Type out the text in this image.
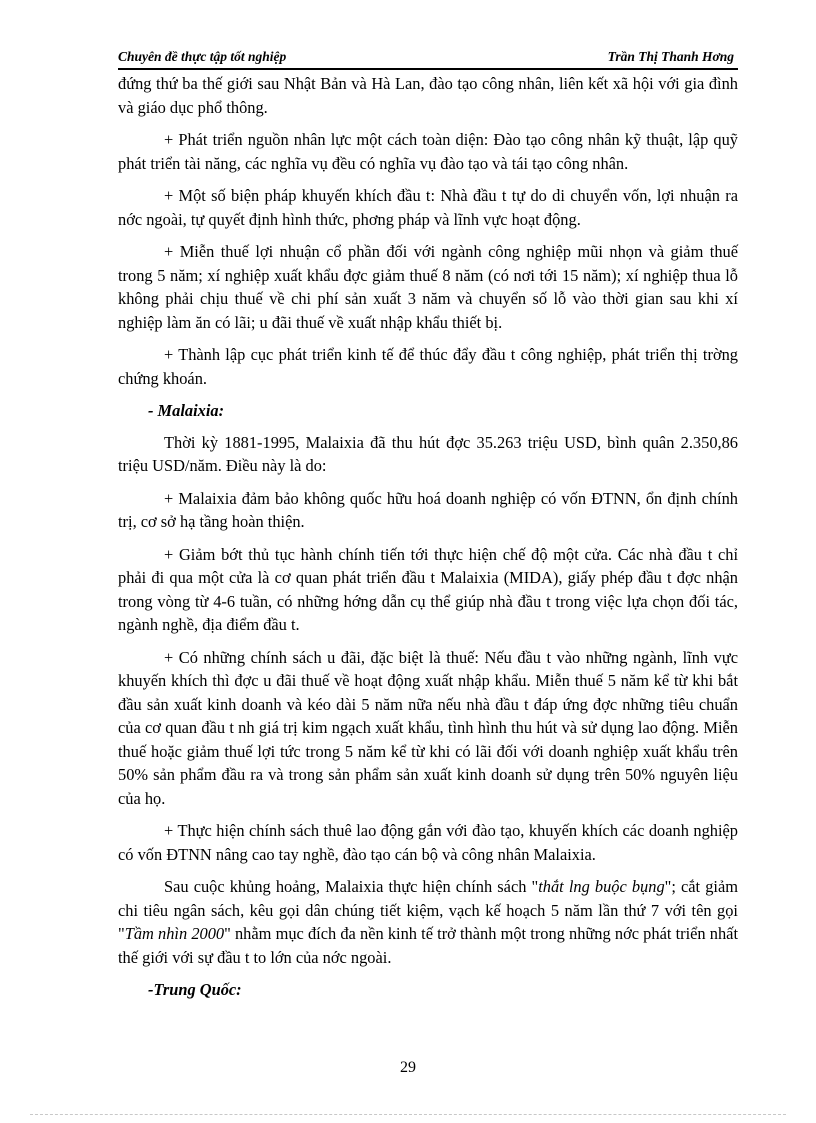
Chuyên đề thực tập tốt nghiệp	Trần Thị Thanh Hơng

đứng thứ ba thế giới sau Nhật Bản và Hà Lan, đào tạo công nhân, liên kết xã hội với gia đình và giáo dục phổ thông.

+ Phát triển nguồn nhân lực một cách toàn diện: Đào tạo công nhân kỹ thuật, lập quỹ phát triển tài năng, các nghĩa vụ đều có nghĩa vụ đào tạo và tái tạo công nhân.

+ Một số biện pháp khuyến khích đầu t: Nhà đầu t tự do di chuyển vốn, lợi nhuận ra nớc ngoài, tự quyết định hình thức, phơng pháp và lĩnh vực hoạt động.

+ Miễn thuế lợi nhuận cổ phần đối với ngành công nghiệp mũi nhọn và giảm thuế trong 5 năm; xí nghiệp xuất khẩu đợc giảm thuế 8 năm (có nơi tới 15 năm); xí nghiệp thua lỗ không phải chịu thuế về chi phí sản xuất 3 năm và chuyển số lỗ vào thời gian sau khi xí nghiệp làm ăn có lãi; u đãi thuế về xuất nhập khẩu thiết bị.

+ Thành lập cục phát triển kinh tế để thúc đẩy đầu t công nghiệp, phát triển thị trờng chứng khoán.

- Malaixia:

Thời kỳ 1881-1995, Malaixia đã thu hút đợc 35.263 triệu USD, bình quân 2.350,86 triệu USD/năm. Điều này là do:

+ Malaixia đảm bảo không quốc hữu hoá doanh nghiệp có vốn ĐTNN, ổn định chính trị, cơ sở hạ tầng hoàn thiện.

+ Giảm bớt thủ tục hành chính tiến tới thực hiện chế độ một cửa. Các nhà đầu t chỉ phải đi qua một cửa là cơ quan phát triển đầu t Malaixia (MIDA), giấy phép đầu t đợc nhận trong vòng từ 4-6 tuần, có những hớng dẫn cụ thể giúp nhà đầu t trong việc lựa chọn đối tác, ngành nghề, địa điểm đầu t.

+ Có những chính sách u đãi, đặc biệt là thuế: Nếu đầu t vào những ngành, lĩnh vực khuyến khích thì đợc u đãi thuế về hoạt động xuất nhập khẩu. Miễn thuế 5 năm kể từ khi bắt đầu sản xuất kinh doanh và kéo dài 5 năm nữa nếu nhà đầu t đáp ứng đợc những tiêu chuẩn của cơ quan đầu t nh giá trị kim ngạch xuất khẩu, tình hình thu hút và sử dụng lao động. Miễn thuế hoặc giảm thuế lợi tức trong 5 năm kể từ khi có lãi đối với doanh nghiệp xuất khẩu trên 50% sản phẩm đầu ra và trong sản phẩm sản xuất kinh doanh sử dụng trên 50% nguyên liệu của họ.

+ Thực hiện chính sách thuê lao động gắn với đào tạo, khuyến khích các doanh nghiệp có vốn ĐTNN nâng cao tay nghề, đào tạo cán bộ và công nhân Malaixia.

Sau cuộc khủng hoảng, Malaixia thực hiện chính sách "thắt lng buộc bụng"; cắt giảm chi tiêu ngân sách, kêu gọi dân chúng tiết kiệm, vạch kế hoạch 5 năm lần thứ 7 với tên gọi "Tầm nhìn 2000" nhằm mục đích đa nền kinh tế trở thành một trong những nớc phát triển nhất thế giới với sự đầu t to lớn của nớc ngoài.

-Trung Quốc:

29
